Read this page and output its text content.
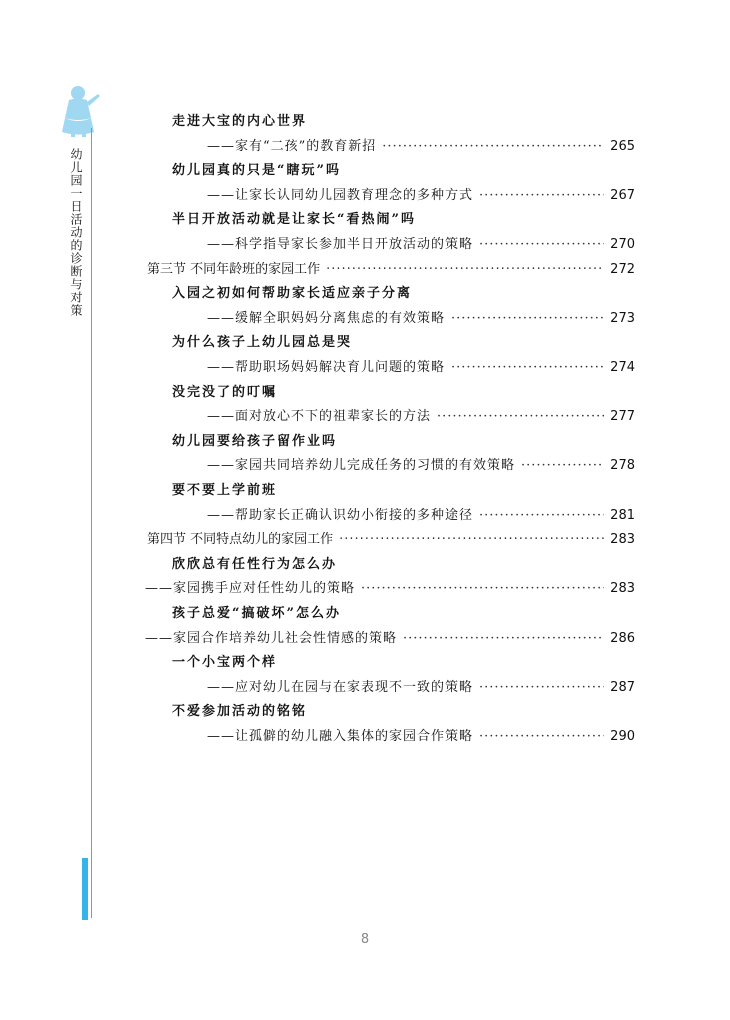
幼儿园一日活动的诊断与对策
走进大宝的内心世界
——家有“二孩”的教育新招 ·····	265
幼儿园真的只是“瞎玩”吗
——让家长认同幼儿园教育理念的多种方式 ·····	267
半日开放活动就是让家长“看热闹”吗
——科学指导家长参加半日开放活动的策略 ·····	270
第三节 不同年龄班的家园工作 ·····	272
入园之初如何帮助家长适应亲子分离
——缓解全职妈妈分离焦虑的有效策略 ·····	273
为什么孩子上幼儿园总是哭
——帮助职场妈妈解决育儿问题的策略 ·····	274
没完没了的叮嘱
——面对放心不下的祖辈家长的方法 ·····	277
幼儿园要给孩子留作业吗
——家园共同培养幼儿完成任务的习惯的有效策略 ·····	278
要不要上学前班
——帮助家长正确认识幼小衔接的多种途径 ·····	281
第四节 不同特点幼儿的家园工作 ·····	283
欣欣总有任性行为怎么办
——家园携手应对任性幼儿的策略 ·····	283
孩子总爱“搞破坏”怎么办
——家园合作培养幼儿社会性情感的策略 ·····	286
一个小宝两个样
——应对幼儿在园与在家表现不一致的策略 ·····	287
不爱参加活动的铭铭
——让孤僻的幼儿融入集体的家园合作策略 ·····	290
8
